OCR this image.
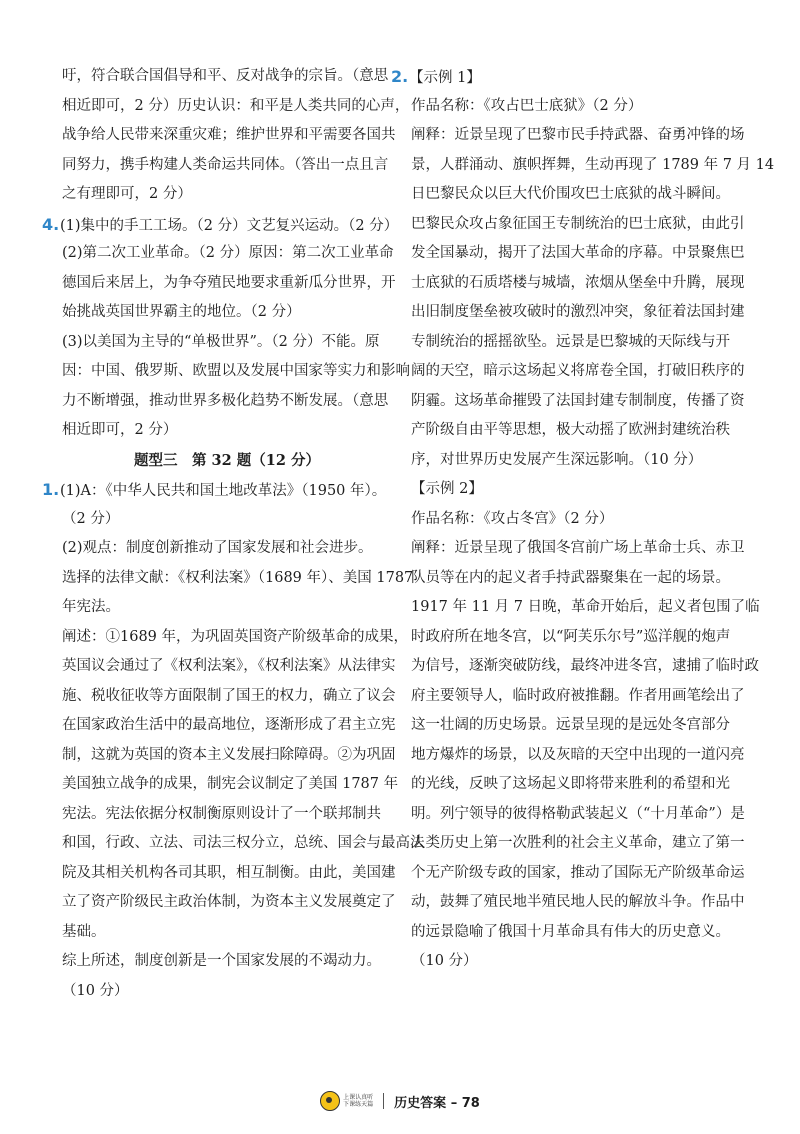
吁，符合联合国倡导和平、反对战争的宗旨。（意思
相近即可，2 分）历史认识：和平是人类共同的心声，
战争给人民带来深重灾难；维护世界和平需要各国共
同努力，携手构建人类命运共同体。（答出一点且言
之有理即可，2 分）
4.(1)集中的手工工场。（2 分）文艺复兴运动。（2 分）
(2)第二次工业革命。（2 分）原因：第二次工业革命
德国后来居上，为争夺殖民地要求重新瓜分世界，开
始挑战英国世界霸主的地位。（2 分）
(3)以美国为主导的“单极世界”。（2 分）不能。原
因：中国、俄罗斯、欧盟以及发展中国家等实力和影响
力不断增强，推动世界多极化趋势不断发展。（意思
相近即可，2 分）
题型三　第 32 题（12 分）
1.(1)A：《中华人民共和国土地改革法》（1950 年）。
（2 分）
(2)观点：制度创新推动了国家发展和社会进步。
选择的法律文献：《权利法案》（1689 年）、美国 1787
年宪法。
阐述：①1689 年，为巩固英国资产阶级革命的成果，
英国议会通过了《权利法案》，《权利法案》从法律实
施、税收征收等方面限制了国王的权力，确立了议会
在国家政治生活中的最高地位，逐渐形成了君主立宪
制，这就为英国的资本主义发展扫除障碍。②为巩固
美国独立战争的成果，制宪会议制定了美国 1787 年
宪法。宪法依据分权制衡原则设计了一个联邦制共
和国，行政、立法、司法三权分立，总统、国会与最高法
院及其相关机构各司其职，相互制衡。由此，美国建
立了资产阶级民主政治体制，为资本主义发展奠定了
基础。
综上所述，制度创新是一个国家发展的不竭动力。
（10 分）
2.【示例 1】
作品名称：《攻占巴士底狱》（2 分）
阐释：近景呈现了巴黎市民手持武器、奋勇冲锋的场
景，人群涌动、旗帜挥舞，生动再现了 1789 年 7 月 14
日巴黎民众以巨大代价围攻巴士底狱的战斗瞬间。
巴黎民众攻占象征国王专制统治的巴士底狱，由此引
发全国暴动，揭开了法国大革命的序幕。中景聚焦巴
士底狱的石质塔楼与城墙，浓烟从堡垒中升腾，展现
出旧制度堡垒被攻破时的激烈冲突，象征着法国封建
专制统治的摇摇欲坠。远景是巴黎城的天际线与开
阔的天空，暗示这场起义将席卷全国，打破旧秩序的
阴霾。这场革命摧毁了法国封建专制制度，传播了资
产阶级自由平等思想，极大动摇了欧洲封建统治秩
序，对世界历史发展产生深远影响。（10 分）
【示例 2】
作品名称：《攻占冬宫》（2 分）
阐释：近景呈现了俄国冬宫前广场上革命士兵、赤卫
队员等在内的起义者手持武器聚集在一起的场景。
1917 年 11 月 7 日晚，革命开始后，起义者包围了临
时政府所在地冬宫，以“阿芙乐尔号”巡洋舰的炮声
为信号，逐渐突破防线，最终冲进冬宫，逮捕了临时政
府主要领导人，临时政府被推翻。作者用画笔绘出了
这一壮阔的历史场景。远景呈现的是远处冬宫部分
地方爆炸的场景，以及灰暗的天空中出现的一道闪亮
的光线，反映了这场起义即将带来胜利的希望和光
明。列宁领导的彼得格勒武装起义（“十月革命”）是
人类历史上第一次胜利的社会主义革命，建立了第一
个无产阶级专政的国家，推动了国际无产阶级革命运
动，鼓舞了殖民地半殖民地人民的解放斗争。作品中
的远景隐喻了俄国十月革命具有伟大的历史意义。
（10 分）
上课认真听
下课练天篇 历史答案 – 78
